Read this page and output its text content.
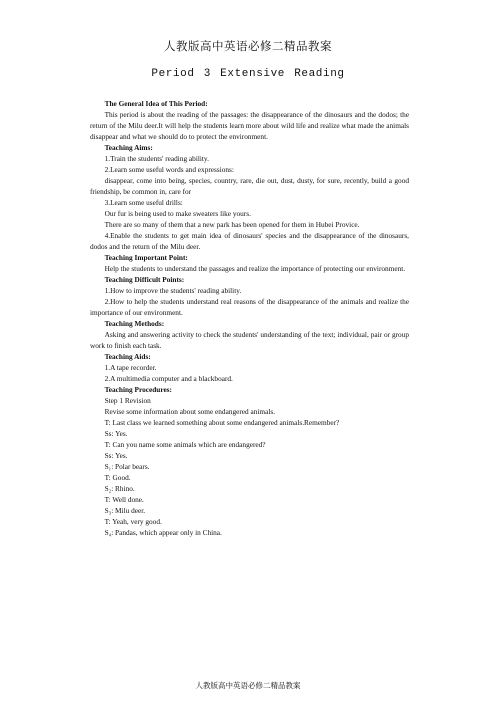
人教版高中英语必修二精品教案
Period 3 Extensive Reading

The General Idea of This Period:

This period is about the reading of the passages: the disappearance of the dinosaurs and the dodos; the return of the Milu deer.It will help the students learn more about wild life and realize what made the animals disappear and what we should do to protect the environment.

Teaching Aims:

1.Train the students' reading ability.

2.Learn some useful words and expressions:

disappear, come into being, species, country, rare, die out, dust, dusty, for sure, recently, build a good friendship, be common in, care for

3.Learn some useful drills:

Our fur is being used to make sweaters like yours.

There are so many of them that a new park has been opened for them in Hubei Provice.

4.Enable the students to get main idea of dinosaurs' species and the disappearance of the dinosaurs, dodos and the return of the Milu deer.

Teaching Important Point:

Help the students to understand the passages and realize the importance of protecting our environment.

Teaching Difficult Points:

1.How to improve the students' reading ability.

2.How to help the students understand real reasons of the disappearance of the animals and realize the importance of our environment.

Teaching Methods:

Asking and answering activity to check the students' understanding of the text; individual, pair or group work to finish each task.

Teaching Aids:

1.A tape recorder.

2.A multimedia computer and a blackboard.

Teaching Procedures:

Step 1 Revision

Revise some information about some endangered animals.

T: Last class we learned something about some endangered animals.Remember?

Ss: Yes.

T: Can you name some animals which are endangered?

Ss: Yes.

S₁: Polar bears.

T: Good.

S₂: Rhino.

T: Well done.

S₃: Milu deer.

T: Yeah, very good.

S₄: Pandas, which appear only in China.

人教版高中英语必修二精品教案
